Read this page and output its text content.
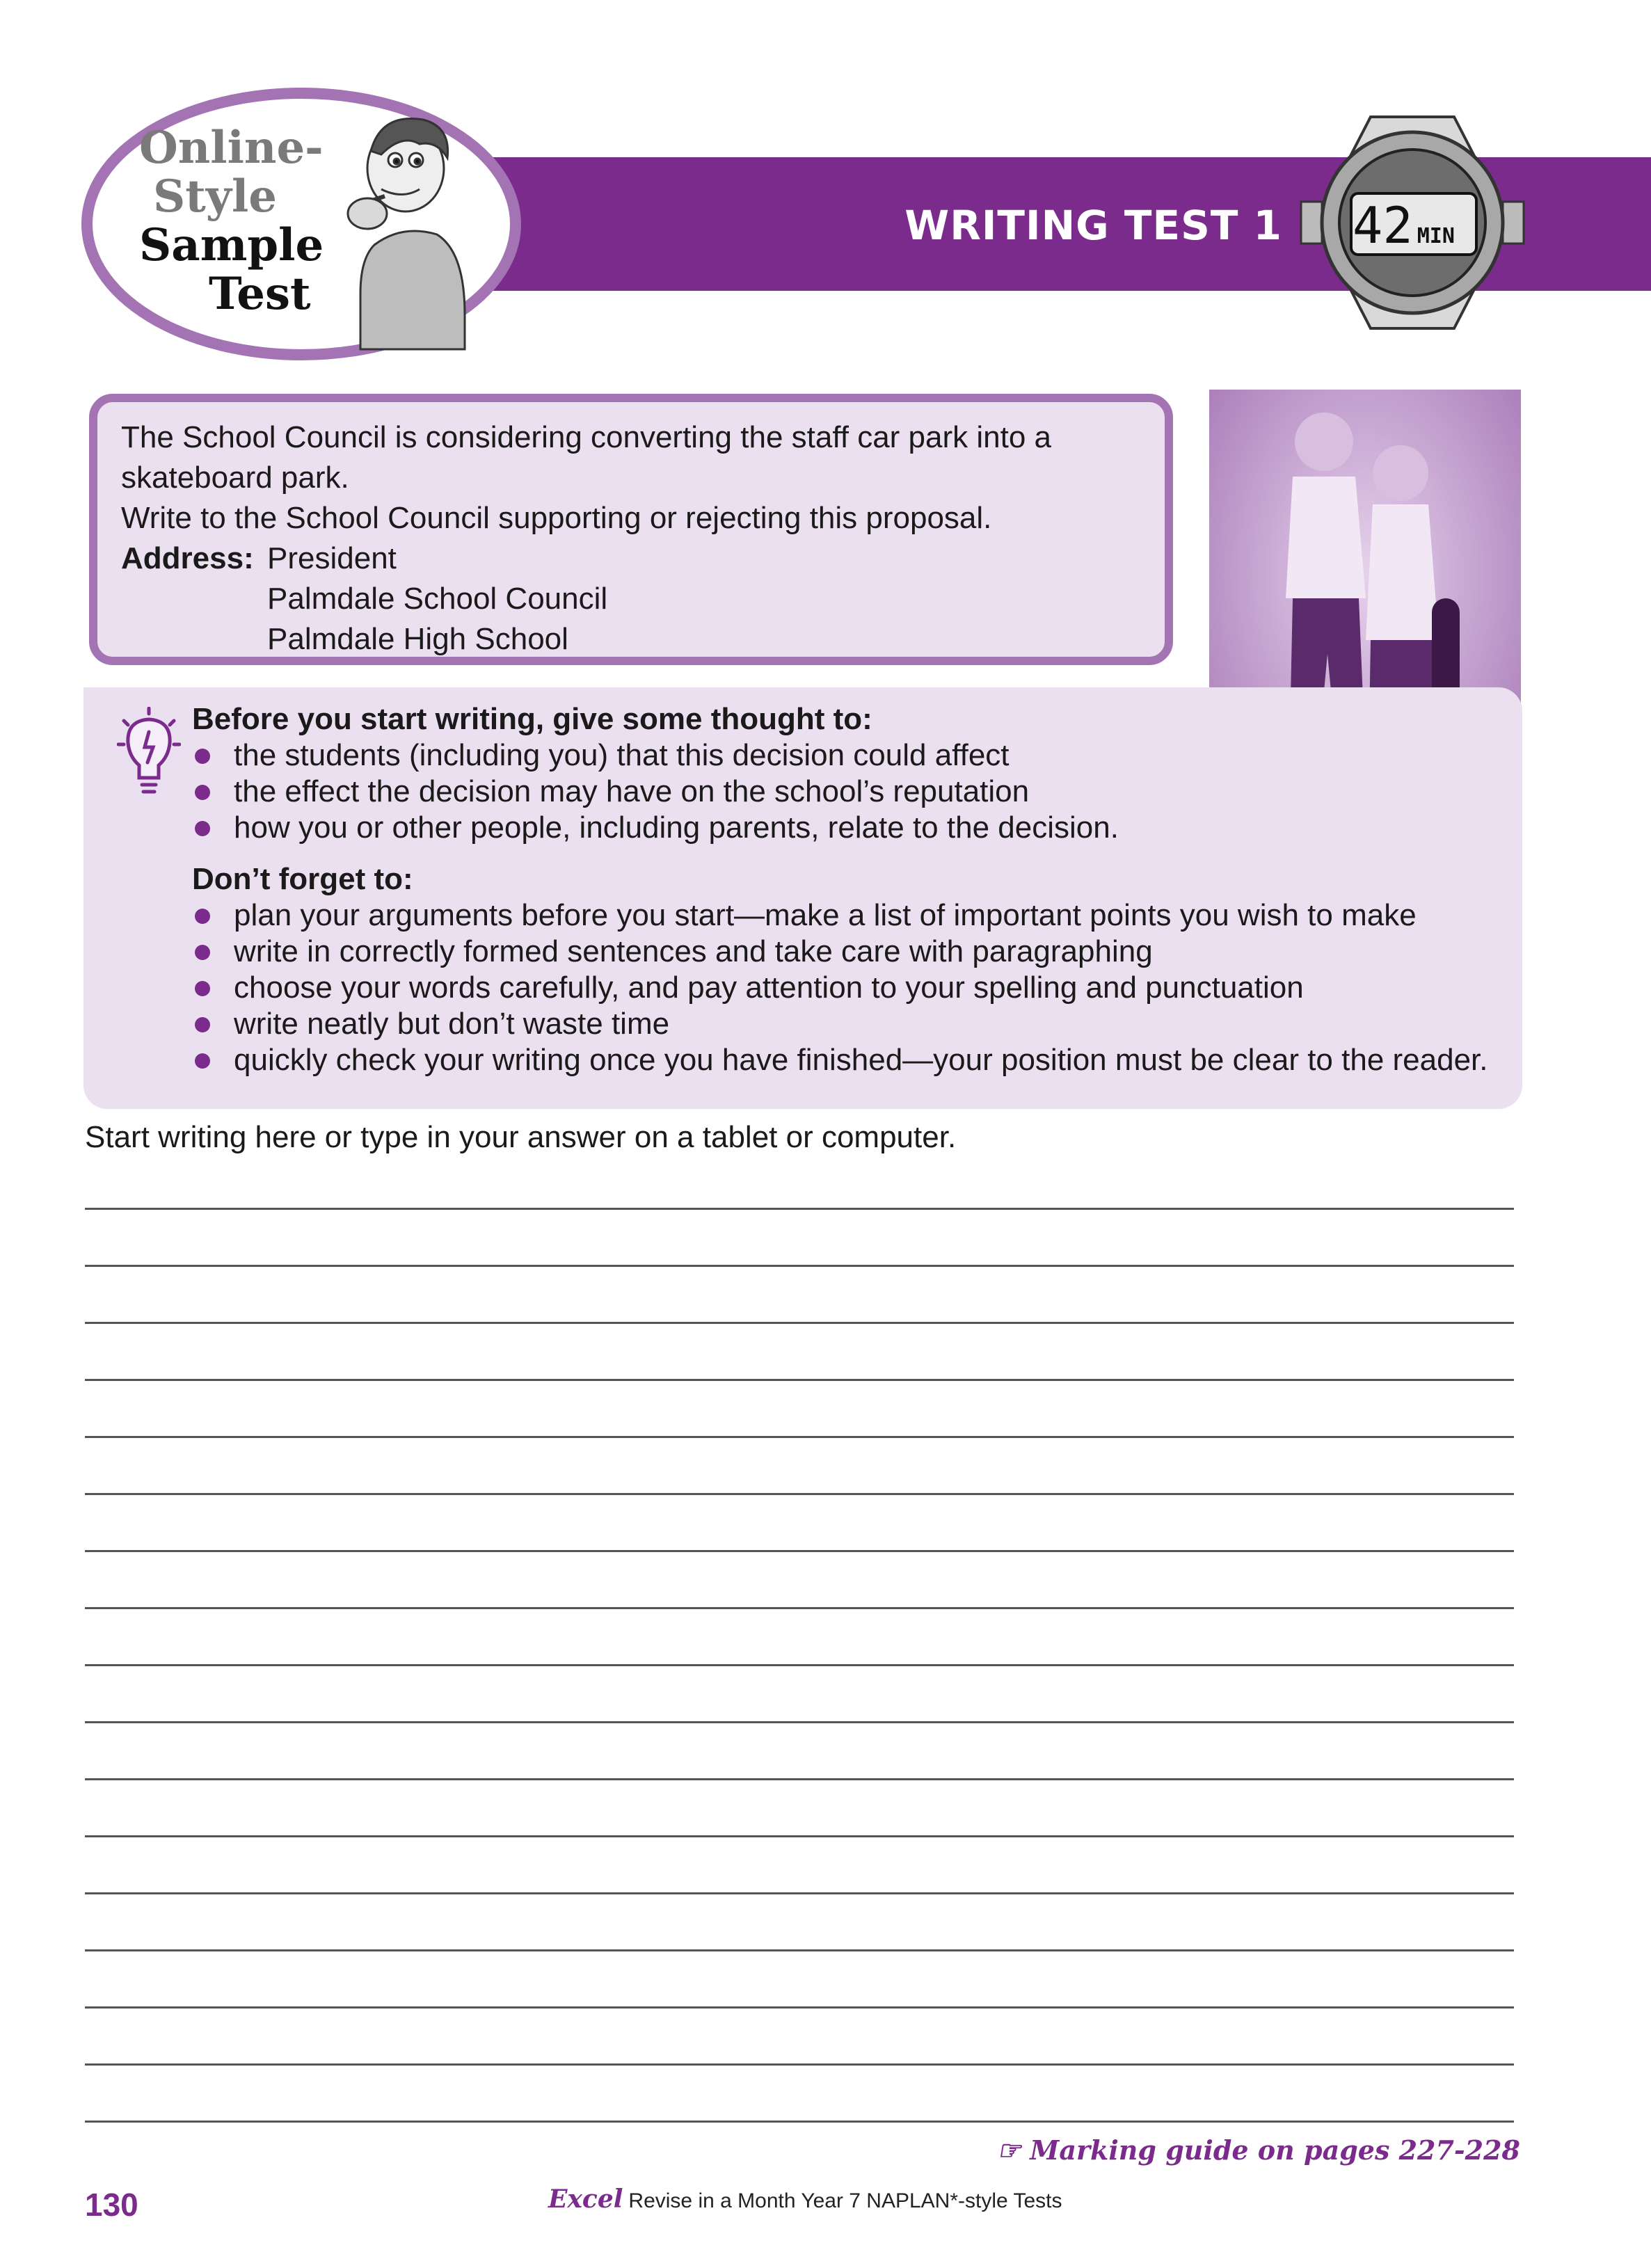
Online-
Style
Sample
Test
WRITING TEST 1 42 MIN
The School Council is considering converting the staff car park into a skateboard park.
Write to the School Council supporting or rejecting this proposal.
Address: President
Palmdale School Council
Palmdale High School
Before you start writing, give some thought to:
the students (including you) that this decision could affect
the effect the decision may have on the school’s reputation
how you or other people, including parents, relate to the decision.
Don’t forget to:
plan your arguments before you start—make a list of important points you wish to make
write in correctly formed sentences and take care with paragraphing
choose your words carefully, and pay attention to your spelling and punctuation
write neatly but don’t waste time
quickly check your writing once you have finished—your position must be clear to the reader.
Start writing here or type in your answer on a tablet or computer.
☞ Marking guide on pages 227-228
130	Excel Revise in a Month Year 7 NAPLAN*-style Tests
